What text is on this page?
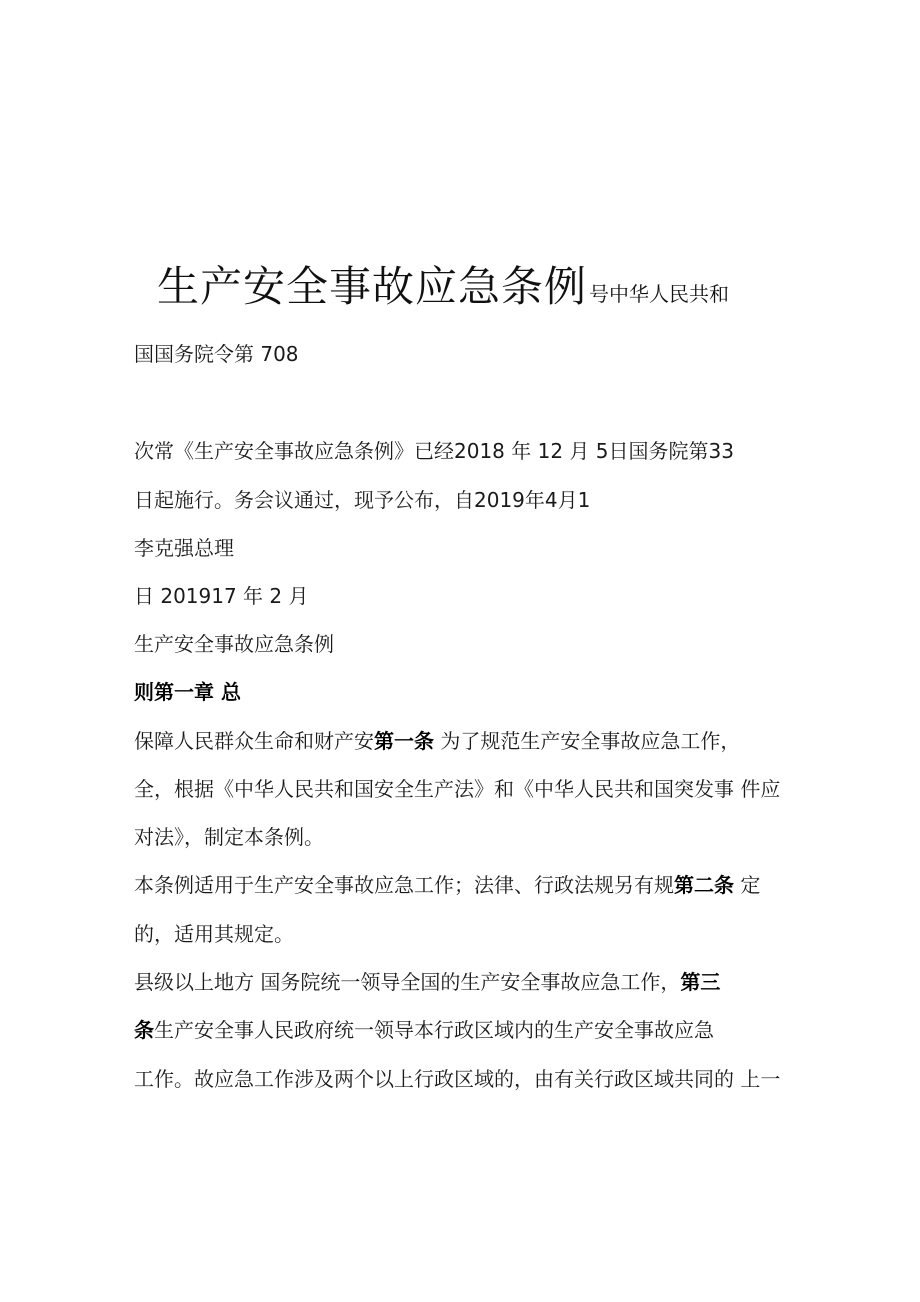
生产安全事故应急条例 号中华人民共和
国国务院令第 708
次常《生产安全事故应急条例》已经2018 年 12 月 5日国务院第33
日起施行。务会议通过，现予公布，自2019年4月1
李克强总理
日 201917 年 2 月
生产安全事故应急条例
则第一章 总
保障人民群众生命和财产安第一条 为了规范生产安全事故应急工作，
全，根据《中华人民共和国安全生产法》和《中华人民共和国突发事 件应
对法》，制定本条例。
本条例适用于生产安全事故应急工作；法律、行政法规另有规第二条 定
的，适用其规定。
县级以上地方 国务院统一领导全国的生产安全事故应急工作，第三
条生产安全事人民政府统一领导本行政区域内的生产安全事故应急
工作。故应急工作涉及两个以上行政区域的，由有关行政区域共同的 上一
